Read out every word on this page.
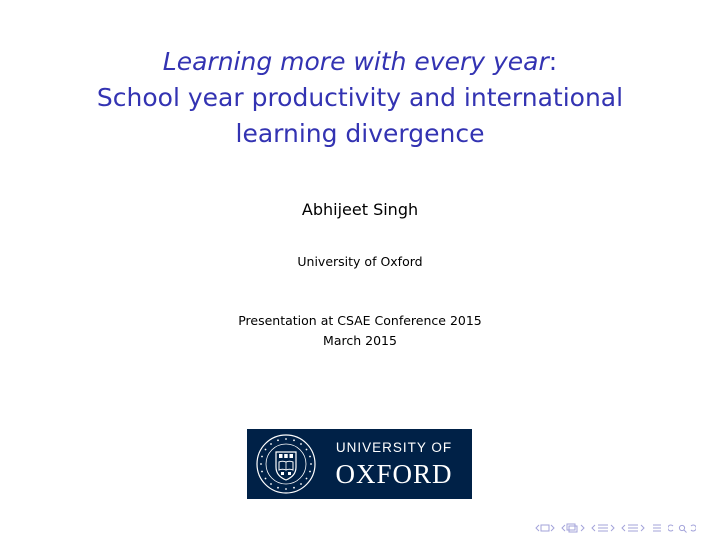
Learning more with every year:
School year productivity and international
learning divergence
Abhijeet Singh
University of Oxford
Presentation at CSAE Conference 2015
March 2015
UNIVERSITY OF
OXFORD
